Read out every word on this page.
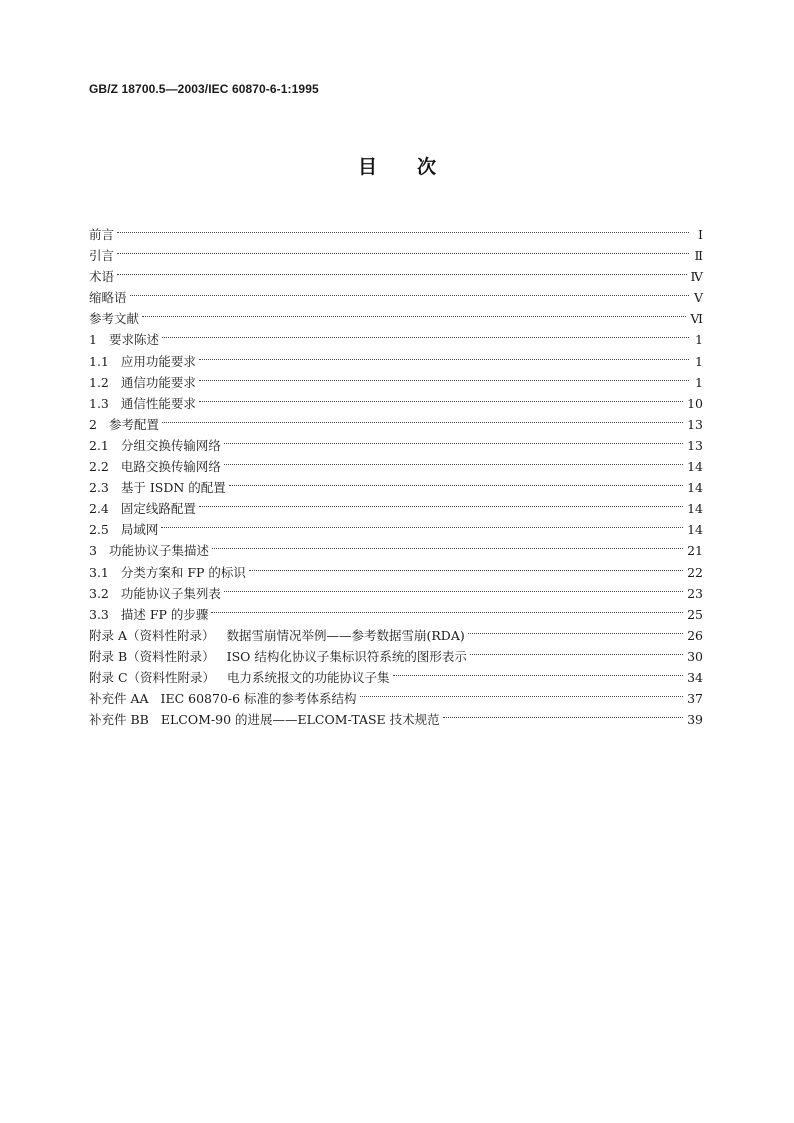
GB/Z 18700.5—2003/IEC 60870-6-1:1995
目次
前言	Ⅰ
引言	Ⅱ
术语	Ⅳ
缩略语	Ⅴ
参考文献	Ⅵ
1 要求陈述	1
1.1 应用功能要求	1
1.2 通信功能要求	1
1.3 通信性能要求	10
2 参考配置	13
2.1 分组交换传输网络	13
2.2 电路交换传输网络	14
2.3 基于 ISDN 的配置	14
2.4 固定线路配置	14
2.5 局域网	14
3 功能协议子集描述	21
3.1 分类方案和 FP 的标识	22
3.2 功能协议子集列表	23
3.3 描述 FP 的步骤	25
附录 A（资料性附录） 数据雪崩情况举例——参考数据雪崩(RDA)	26
附录 B（资料性附录） ISO 结构化协议子集标识符系统的图形表示	30
附录 C（资料性附录） 电力系统报文的功能协议子集	34
补充件 AA IEC 60870-6 标准的参考体系结构	37
补充件 BB ELCOM-90 的进展——ELCOM-TASE 技术规范	39
